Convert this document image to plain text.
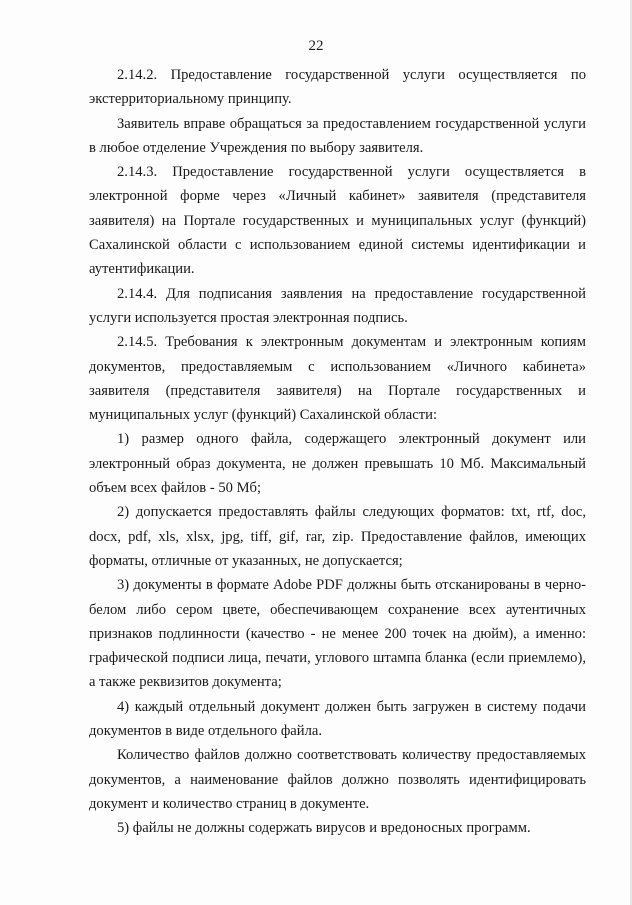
22

2.14.2. Предоставление государственной услуги осуществляется по экстерриториальному принципу.

Заявитель вправе обращаться за предоставлением государственной услуги в любое отделение Учреждения по выбору заявителя.

2.14.3. Предоставление государственной услуги осуществляется в электронной форме через «Личный кабинет» заявителя (представителя заявителя) на Портале государственных и муниципальных услуг (функций) Сахалинской области с использованием единой системы идентификации и аутентификации.

2.14.4. Для подписания заявления на предоставление государственной услуги используется простая электронная подпись.

2.14.5. Требования к электронным документам и электронным копиям документов, предоставляемым с использованием «Личного кабинета» заявителя (представителя заявителя) на Портале государственных и муниципальных услуг (функций) Сахалинской области:

1) размер одного файла, содержащего электронный документ или электронный образ документа, не должен превышать 10 Мб. Максимальный объем всех файлов - 50 Мб;

2) допускается предоставлять файлы следующих форматов: txt, rtf, doc, docx, pdf, xls, xlsx, jpg, tiff, gif, rar, zip. Предоставление файлов, имеющих форматы, отличные от указанных, не допускается;

3) документы в формате Adobe PDF должны быть отсканированы в черно-белом либо сером цвете, обеспечивающем сохранение всех аутентичных признаков подлинности (качество - не менее 200 точек на дюйм), а именно: графической подписи лица, печати, углового штампа бланка (если приемлемо), а также реквизитов документа;

4) каждый отдельный документ должен быть загружен в систему подачи документов в виде отдельного файла.

Количество файлов должно соответствовать количеству предоставляемых документов, а наименование файлов должно позволять идентифицировать документ и количество страниц в документе.

5) файлы не должны содержать вирусов и вредоносных программ.
